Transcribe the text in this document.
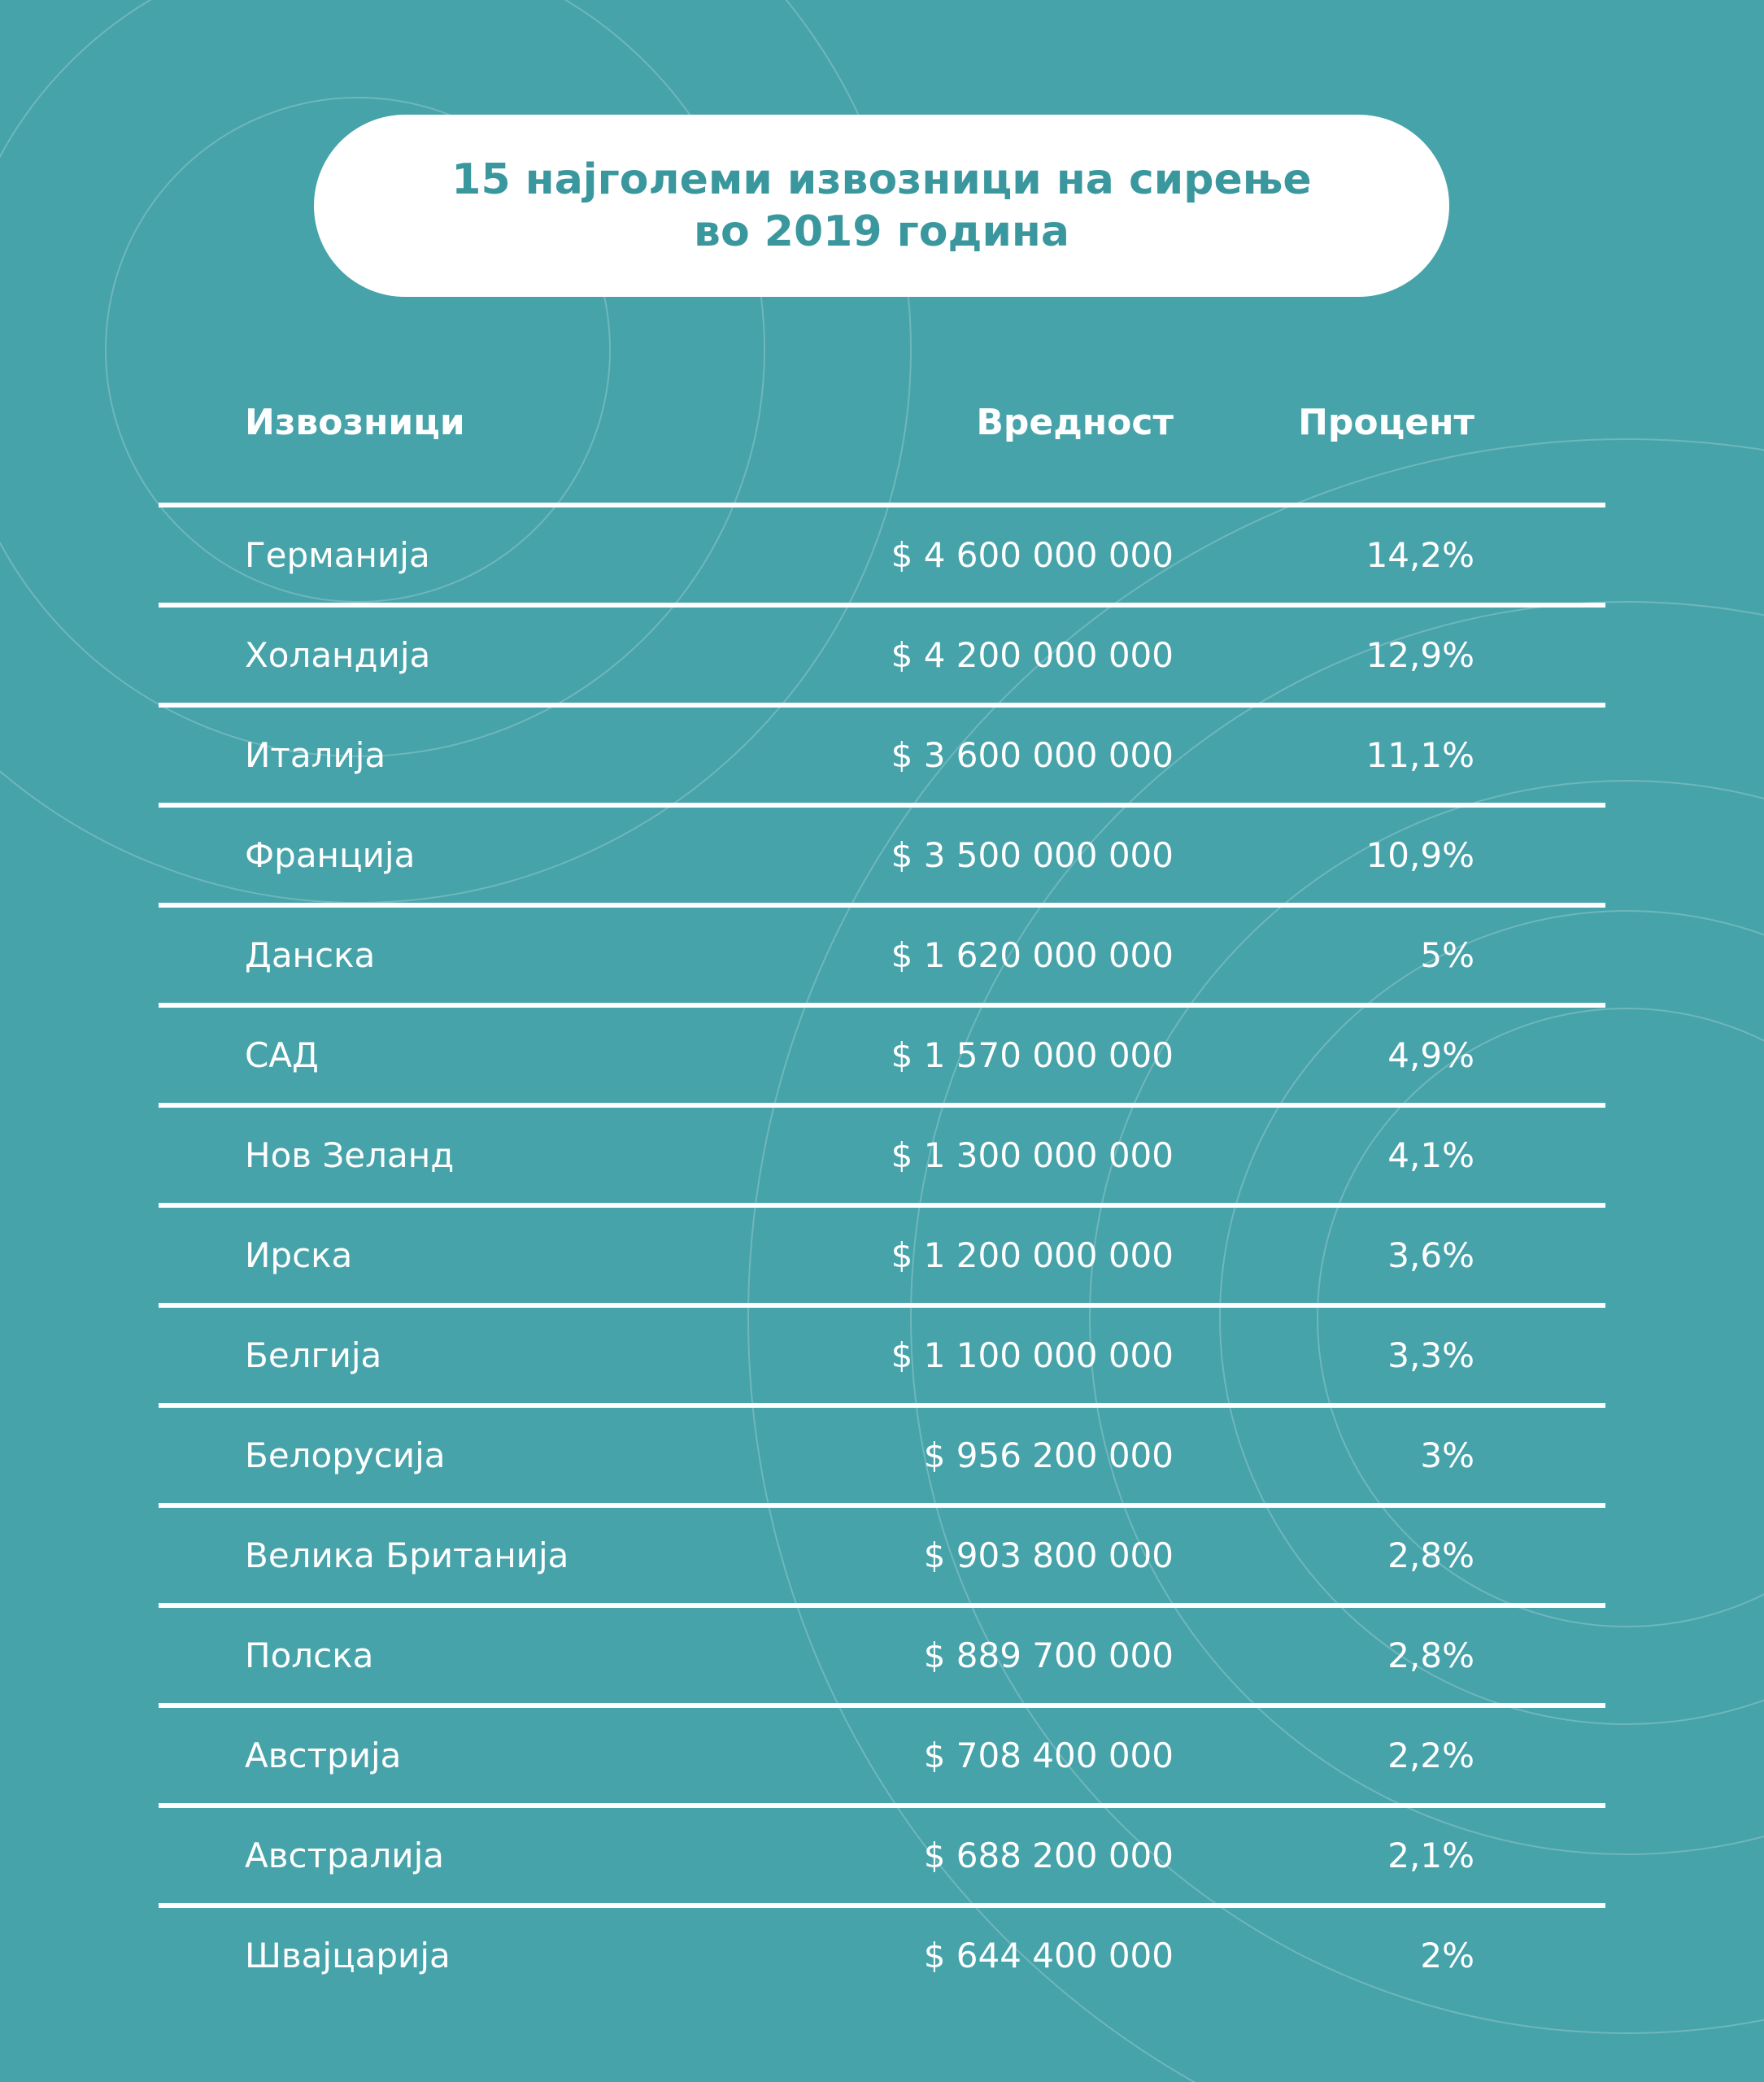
15 најголеми извозници на сирење
во 2019 година
Извозници	Вредност	Процент
Германија	$ 4 600 000 000	14,2%
Холандија	$ 4 200 000 000	12,9%
Италија	$ 3 600 000 000	11,1%
Франција	$ 3 500 000 000	10,9%
Данска	$ 1 620 000 000	5%
САД	$ 1 570 000 000	4,9%
Нов Зеланд	$ 1 300 000 000	4,1%
Ирска	$ 1 200 000 000	3,6%
Белгија	$ 1 100 000 000	3,3%
Белорусија	$ 956 200 000	3%
Велика Британија	$ 903 800 000	2,8%
Полска	$ 889 700 000	2,8%
Австрија	$ 708 400 000	2,2%
Австралија	$ 688 200 000	2,1%
Швајцарија	$ 644 400 000	2%
